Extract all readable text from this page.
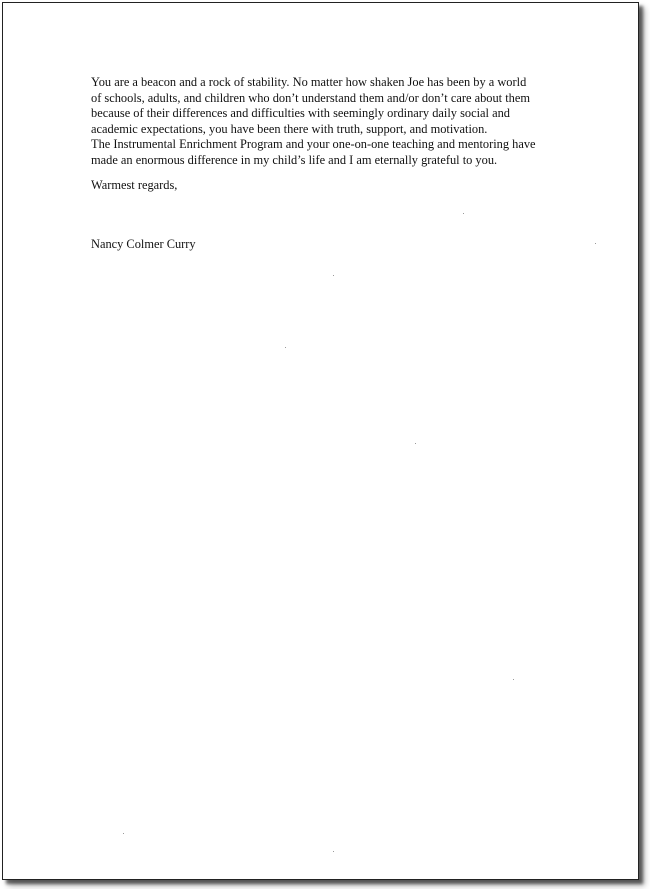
You are a beacon and a rock of stability. No matter how shaken Joe has been by a world

of schools, adults, and children who don’t understand them and/or don’t care about them

because of their differences and difficulties with seemingly ordinary daily social and

academic expectations, you have been there with truth, support, and motivation.

The Instrumental Enrichment Program and your one-on-one teaching and mentoring have

made an enormous difference in my child’s life and I am eternally grateful to you.

Warmest regards,
Nancy Colmer Curry
